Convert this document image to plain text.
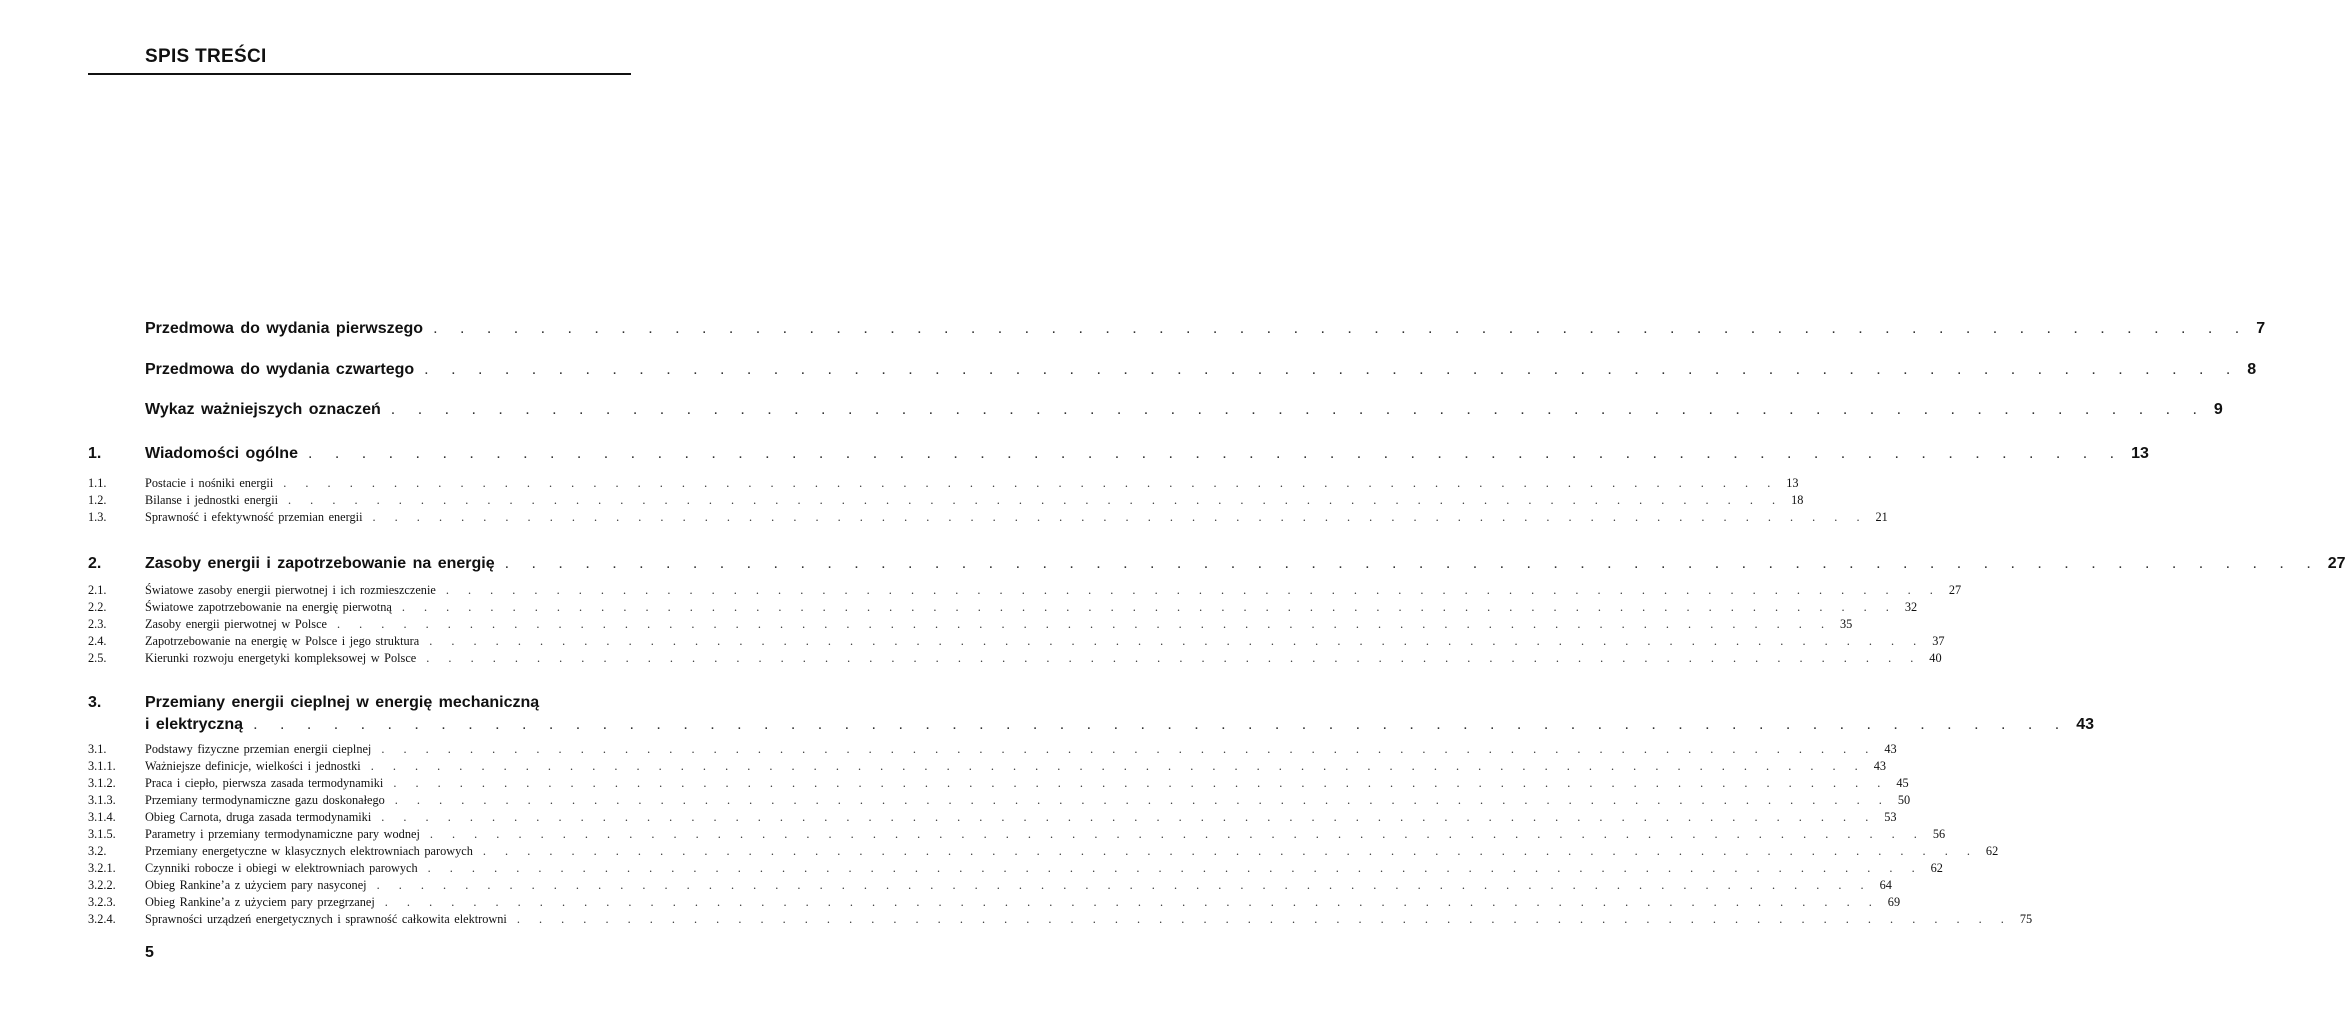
SPIS TREŚCI
Przedmowa do wydania pierwszego . . . . . . . . . . . . . . . . . . . . . . . . . . . . . . . . . . . . . . . . . . . . . . . . . . . . . . . . . . . . . . . . . . . . 7
Przedmowa do wydania czwartego . . . . . . . . . . . . . . . . . . . . . . . . . . . . . . . . . . . . . . . . . . . . . . . . . . . . . . . . . . . . . . . . . . . . 8
Wykaz ważniejszych oznaczeń . . . . . . . . . . . . . . . . . . . . . . . . . . . . . . . . . . . . . . . . . . . . . . . . . . . . . . . . . . . . . . . . . . . . 9
1.	Wiadomości ogólne . . . . . . . . . . . . . . . . . . . . . . . . . . . . . . . . . . . . . . . . . . . . . . . . . . . . . . . . . . . . . . . . . . . . 13
1.1.	Postacie i nośniki energii . . . . . . . . . . . . . . . . . . . . . . . . . . . . . . . . . . . . . . . . . . . . . . . . . . . . . . . . . . . . . . . . . . . . 13
1.2.	Bilanse i jednostki energii . . . . . . . . . . . . . . . . . . . . . . . . . . . . . . . . . . . . . . . . . . . . . . . . . . . . . . . . . . . . . . . . . . . . 18
1.3.	Sprawność i efektywność przemian energii . . . . . . . . . . . . . . . . . . . . . . . . . . . . . . . . . . . . . . . . . . . . . . . . . . . . . . . . . . . . . . . . . . . . 21
2.	Zasoby energii i zapotrzebowanie na energię . . . . . . . . . . . . . . . . . . . . . . . . . . . . . . . . . . . . . . . . . . . . . . . . . . . . . . . . . . . . . . . . . . . . 27
2.1.	Światowe zasoby energii pierwotnej i ich rozmieszczenie . . . . . . . . . . . . . . . . . . . . . . . . . . . . . . . . . . . . . . . . . . . . . . . . . . . . . . . . . . . . . . . . . . . . 27
2.2.	Światowe zapotrzebowanie na energię pierwotną . . . . . . . . . . . . . . . . . . . . . . . . . . . . . . . . . . . . . . . . . . . . . . . . . . . . . . . . . . . . . . . . . . . . 32
2.3.	Zasoby energii pierwotnej w Polsce . . . . . . . . . . . . . . . . . . . . . . . . . . . . . . . . . . . . . . . . . . . . . . . . . . . . . . . . . . . . . . . . . . . . 35
2.4.	Zapotrzebowanie na energię w Polsce i jego struktura . . . . . . . . . . . . . . . . . . . . . . . . . . . . . . . . . . . . . . . . . . . . . . . . . . . . . . . . . . . . . . . . . . . . 37
2.5.	Kierunki rozwoju energetyki kompleksowej w Polsce . . . . . . . . . . . . . . . . . . . . . . . . . . . . . . . . . . . . . . . . . . . . . . . . . . . . . . . . . . . . . . . . . . . . 40
3.	Przemiany energii cieplnej w energię mechaniczną
i elektryczną . . . . . . . . . . . . . . . . . . . . . . . . . . . . . . . . . . . . . . . . . . . . . . . . . . . . . . . . . . . . . . . . . . . . 43
3.1.	Podstawy fizyczne przemian energii cieplnej . . . . . . . . . . . . . . . . . . . . . . . . . . . . . . . . . . . . . . . . . . . . . . . . . . . . . . . . . . . . . . . . . . . . 43
3.1.1.	Ważniejsze definicje, wielkości i jednostki . . . . . . . . . . . . . . . . . . . . . . . . . . . . . . . . . . . . . . . . . . . . . . . . . . . . . . . . . . . . . . . . . . . . 43
3.1.2.	Praca i ciepło, pierwsza zasada termodynamiki . . . . . . . . . . . . . . . . . . . . . . . . . . . . . . . . . . . . . . . . . . . . . . . . . . . . . . . . . . . . . . . . . . . . 45
3.1.3.	Przemiany termodynamiczne gazu doskonałego . . . . . . . . . . . . . . . . . . . . . . . . . . . . . . . . . . . . . . . . . . . . . . . . . . . . . . . . . . . . . . . . . . . . 50
3.1.4.	Obieg Carnota, druga zasada termodynamiki . . . . . . . . . . . . . . . . . . . . . . . . . . . . . . . . . . . . . . . . . . . . . . . . . . . . . . . . . . . . . . . . . . . . 53
3.1.5.	Parametry i przemiany termodynamiczne pary wodnej . . . . . . . . . . . . . . . . . . . . . . . . . . . . . . . . . . . . . . . . . . . . . . . . . . . . . . . . . . . . . . . . . . . . 56
3.2.	Przemiany energetyczne w klasycznych elektrowniach parowych . . . . . . . . . . . . . . . . . . . . . . . . . . . . . . . . . . . . . . . . . . . . . . . . . . . . . . . . . . . . . . . . . . . . 62
3.2.1.	Czynniki robocze i obiegi w elektrowniach parowych . . . . . . . . . . . . . . . . . . . . . . . . . . . . . . . . . . . . . . . . . . . . . . . . . . . . . . . . . . . . . . . . . . . . 62
3.2.2.	Obieg Rankine’a z użyciem pary nasyconej . . . . . . . . . . . . . . . . . . . . . . . . . . . . . . . . . . . . . . . . . . . . . . . . . . . . . . . . . . . . . . . . . . . . 64
3.2.3.	Obieg Rankine’a z użyciem pary przegrzanej . . . . . . . . . . . . . . . . . . . . . . . . . . . . . . . . . . . . . . . . . . . . . . . . . . . . . . . . . . . . . . . . . . . . 69
3.2.4.	Sprawności urządzeń energetycznych i sprawność całkowita elektrowni . . . . . . . . . . . . . . . . . . . . . . . . . . . . . . . . . . . . . . . . . . . . . . . . . . . . . . . . . . . . . . . . . . . . 75
5
